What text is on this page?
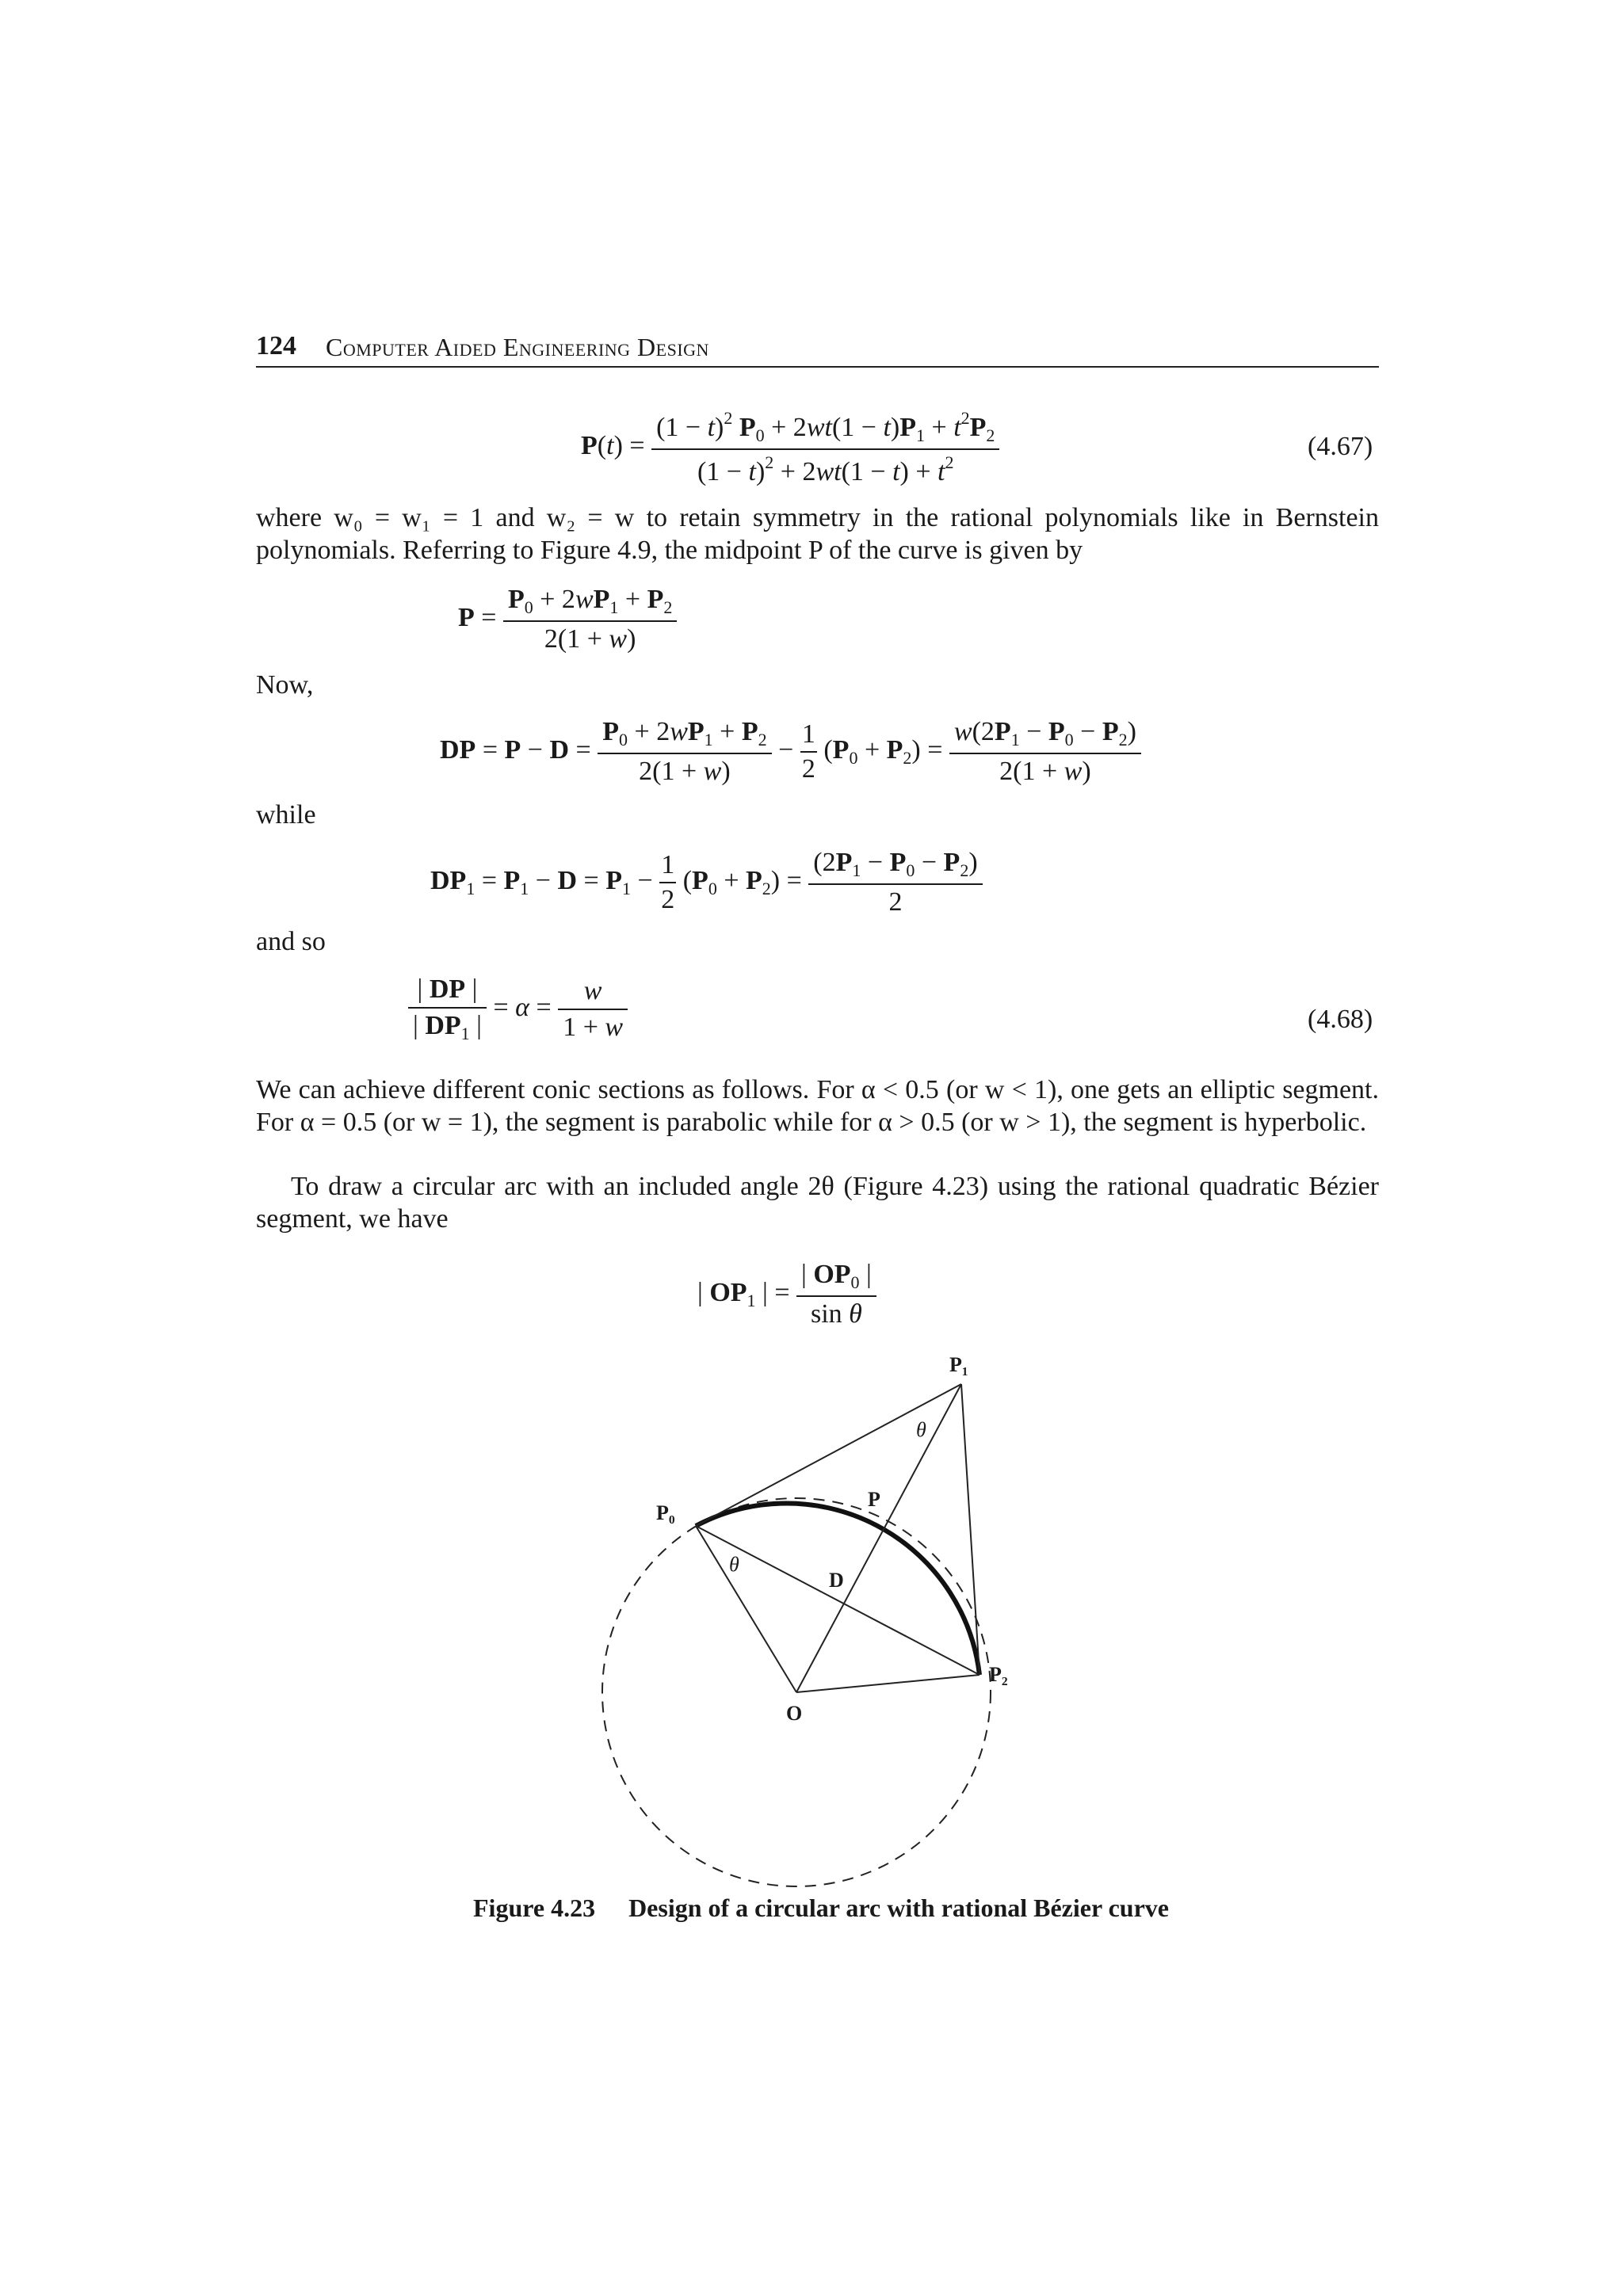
124 Computer Aided Engineering Design
$P(t) = \frac{(1 - t)^2 P_0 + 2wt(1 - t)P_1 + t^2P_2}{(1 - t)^2 + 2wt(1 - t) + t^2}$	(4.67)
where w₀ = w₁ = 1 and w₂ = w to retain symmetry in the rational polynomials like in Bernstein polynomials. Referring to Figure 4.9, the midpoint P of the curve is given by
$P = \frac{P_0 + 2wP_1 + P_2}{2(1 + w)}$
Now,
DP = $P - D = \frac{P_0 + 2wP_1 + P_2}{2(1 + w)} - \frac{1}{2} (P_0 + P_2) = \frac{w(2P_1 - P_0 - P_2)}{2(1 + w)}$
while
$DP_1 = P_1 - D = P_1 - \frac{1}{2} (P_0 + P_2) = \frac{(2P_1 - P_0 - P_2)}{2}$
and so
$\frac{| DP |}{| DP_1 |} = \alpha = \frac{w}{1 + w}$	(4.68)
We can achieve different conic sections as follows. For α < 0.5 (or w < 1), one gets an elliptic segment. For α = 0.5 (or w = 1), the segment is parabolic while for α > 0.5 (or w > 1), the segment is hyperbolic.
To draw a circular arc with an included angle 2θ (Figure 4.23) using the rational quadratic Bézier segment, we have
| $OP_1$ | = $\frac{| OP_0 |}{\text{sin θ}}$
P₁
P₀
P₂
P
D
O
θ
θ
Figure 4.23 Design of a circular arc with rational Bézier curve
